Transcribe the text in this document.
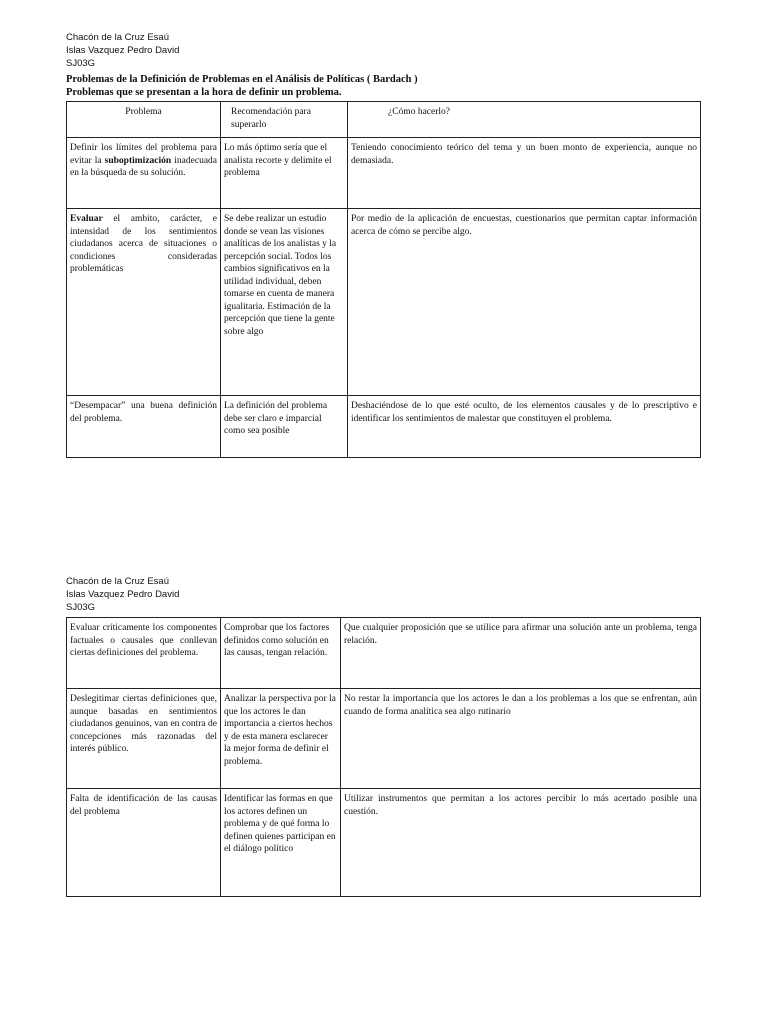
Chacón de la Cruz Esaú
Islas Vazquez Pedro David
SJ03G
Problemas de la Definición de Problemas en el Análisis de Políticas ( Bardach )
Problemas que se presentan a la hora de definir un problema.
Problema	Recomendación para superarlo	¿Cómo hacerlo?
Definir los límites del problema para evitar la suboptimización inadecuada en la búsqueda de su solución.	Lo más óptimo sería que el analista recorte y delimite el problema	Teniendo conocimiento teórico del tema y un buen monto de experiencia, aunque no demasiada.
Evaluar el ambito, carácter, e intensidad de los sentimientos ciudadanos acerca de situaciones o condiciones consideradas problemáticas	Se debe realizar un estudio donde se vean las visiones analíticas de los analistas y la percepción social. Todos los cambios significativos en la utilidad individual, deben tomarse en cuenta de manera igualitaria. Estimación de la percepción que tiene la gente sobre algo	Por medio de la aplicación de encuestas, cuestionarios que permitan captar información acerca de cómo se percibe algo.
“Desempacar” una buena definición del problema.	La definición del problema debe ser claro e imparcial como sea posible	Deshaciéndose de lo que esté oculto, de los elementos causales y de lo prescriptivo e identificar los sentimientos de malestar que constituyen el problema.
Chacón de la Cruz Esaú
Islas Vazquez Pedro David
SJ03G
Evaluar críticamente los componentes factuales o causales que conllevan ciertas definiciones del problema.	Comprobar que los factores definidos como solución en las causas, tengan relación.	Que cualquier proposición que se utilice para afirmar una solución ante un problema, tenga relación.
Deslegitimar ciertas definiciones que, aunque basadas en sentimientos ciudadanos genuinos, van en contra de concepciones más razonadas del interés público.	Analizar la perspectiva por la que los actores le dan importancia a ciertos hechos y de esta manera esclarecer la mejor forma de definir el problema.	No restar la importancia que los actores le dan a los problemas a los que se enfrentan, aún cuando de forma analítica sea algo rutinario
Falta de identificación de las causas del problema	Identificar las formas en que los actores definen un problema y de qué forma lo definen quienes participan en el diálogo político	Utilizar instrumentos que permitan a los actores percibir lo más acertado posible una cuestión.
